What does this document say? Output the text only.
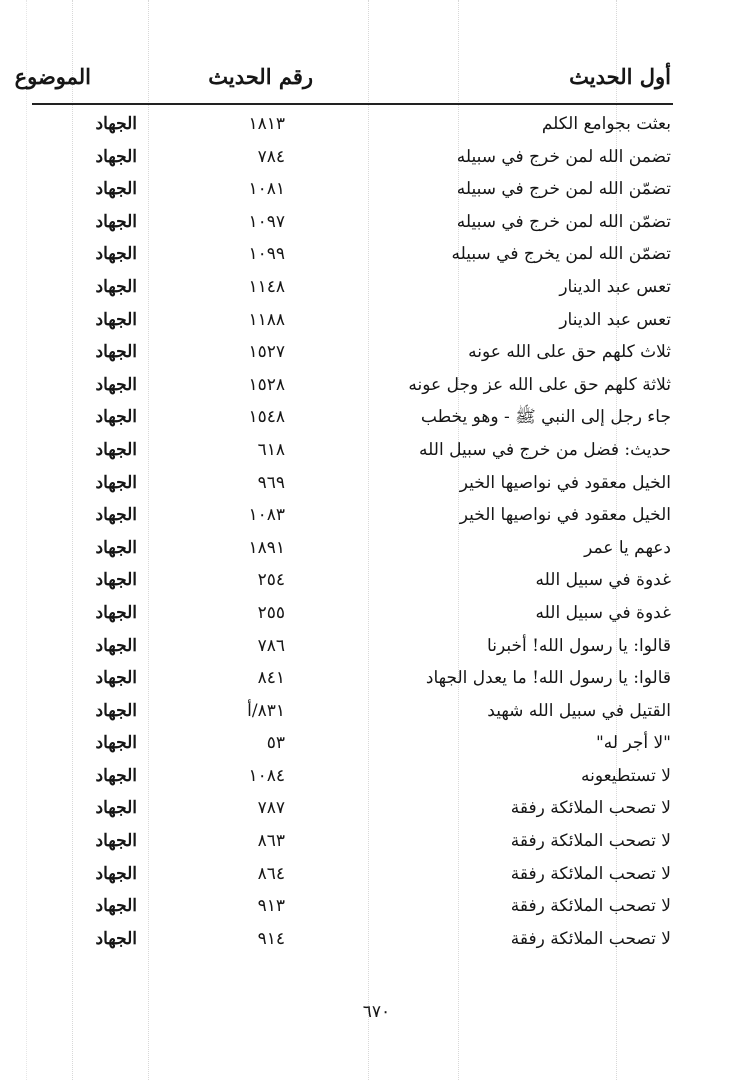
أول الحديث
رقم الحديث
الموضوع
بعثت بجوامع الكلم
١٨١٣
الجهاد
تضمن الله لمن خرج في سبيله
٧٨٤
الجهاد
تضمّن الله لمن خرج في سبيله
١٠٨١
الجهاد
تضمّن الله لمن خرج في سبيله
١٠٩٧
الجهاد
تضمّن الله لمن يخرج في سبيله
١٠٩٩
الجهاد
تعس عبد الدينار
١١٤٨
الجهاد
تعس عبد الدينار
١١٨٨
الجهاد
ثلاث كلهم حق على الله عونه
١٥٢٧
الجهاد
ثلاثة كلهم حق على الله عز وجل عونه
١٥٢٨
الجهاد
جاء رجل إلى النبي ﷺ - وهو يخطب
١٥٤٨
الجهاد
حديث: فضل من خرج في سبيل الله
٦١٨
الجهاد
الخيل معقود في نواصيها الخير
٩٦٩
الجهاد
الخيل معقود في نواصيها الخير
١٠٨٣
الجهاد
دعهم يا عمر
١٨٩١
الجهاد
غدوة في سبيل الله
٢٥٤
الجهاد
غدوة في سبيل الله
٢٥٥
الجهاد
قالوا: يا رسول الله! أخبرنا
٧٨٦
الجهاد
قالوا: يا رسول الله! ما يعدل الجهاد
٨٤١
الجهاد
القتيل في سبيل الله شهيد
٨٣١/أ
الجهاد
"لا أجر له"
٥٣
الجهاد
لا تستطيعونه
١٠٨٤
الجهاد
لا تصحب الملائكة رفقة
٧٨٧
الجهاد
لا تصحب الملائكة رفقة
٨٦٣
الجهاد
لا تصحب الملائكة رفقة
٨٦٤
الجهاد
لا تصحب الملائكة رفقة
٩١٣
الجهاد
لا تصحب الملائكة رفقة
٩١٤
الجهاد
٦٧٠
